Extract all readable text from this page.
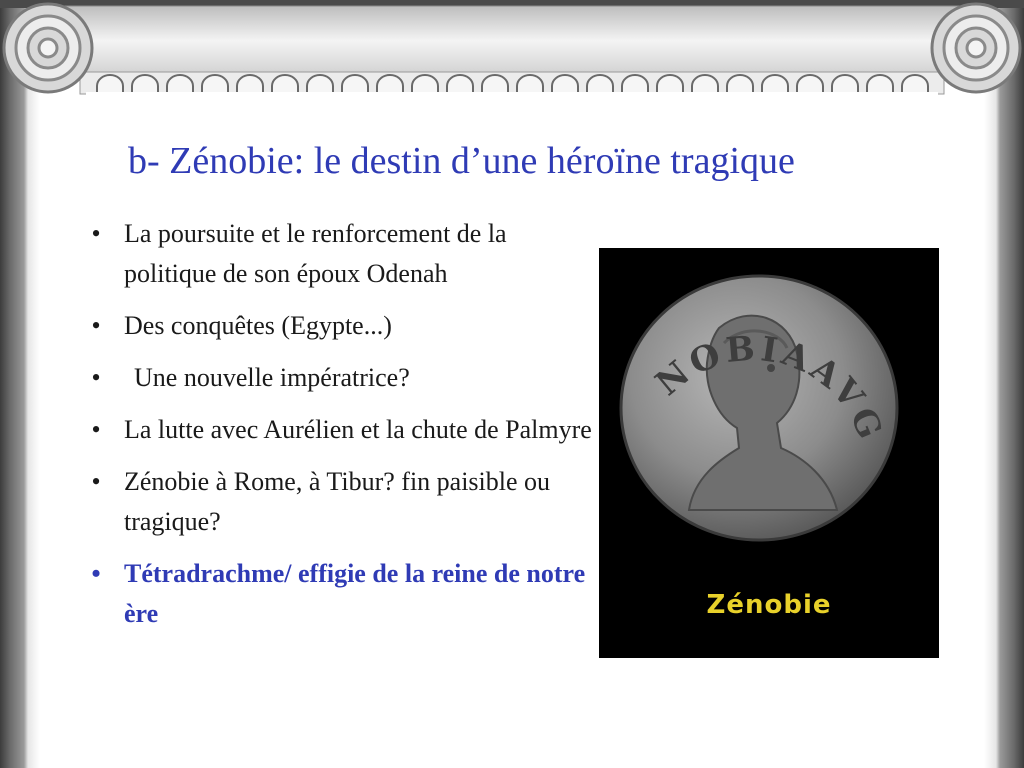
b- Zénobie: le destin d’une héroïne tragique
• La poursuite et le renforcement de la politique de son époux Odenah
• Des conquêtes (Egypte...)
• Une nouvelle impératrice?
• La lutte avec Aurélien et la chute de Palmyre
• Zénobie à Rome, à Tibur? fin paisible ou tragique?
• Tétradrachme/ effigie de la reine de notre ère
NOBIAAVG
Zénobie
